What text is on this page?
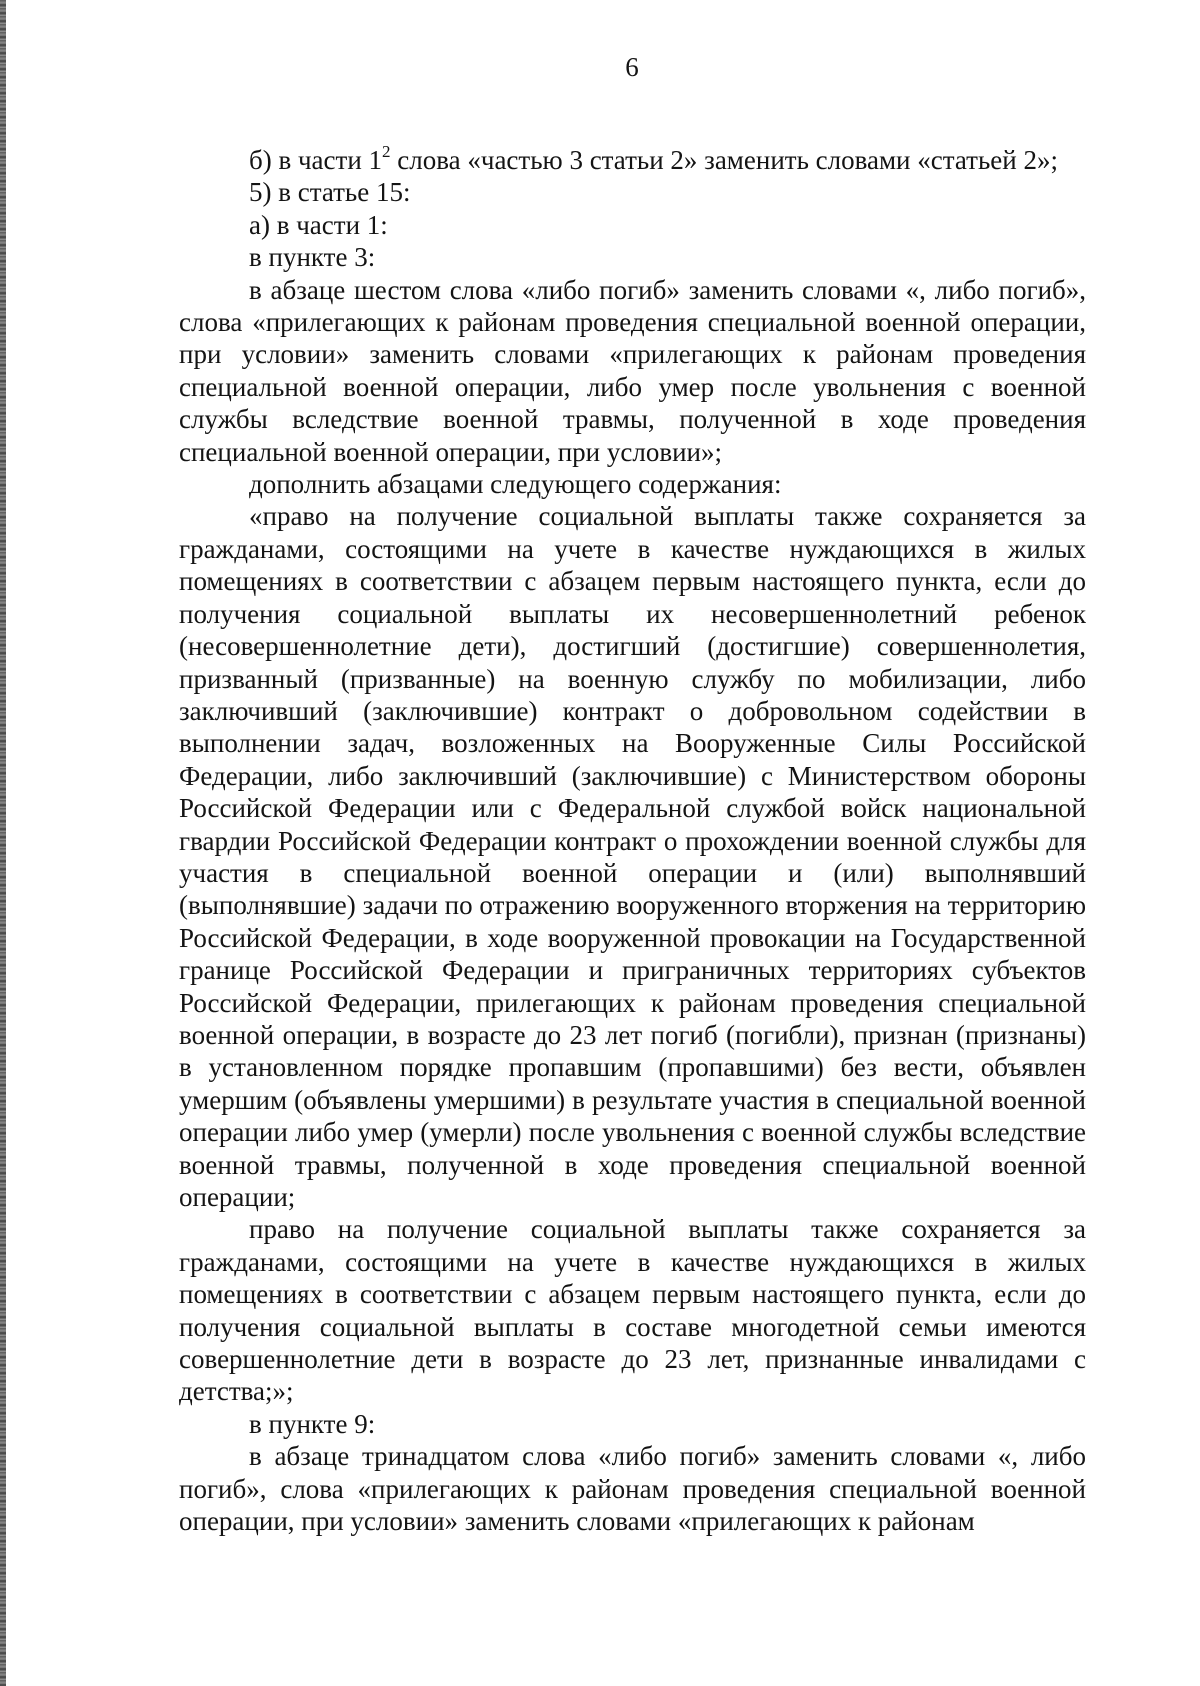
6

б) в части $1^2$ слова «частью 3 статьи 2» заменить словами «статьей 2»;

5) в статье 15:

а) в части 1:

в пункте 3:

в абзаце шестом слова «либо погиб» заменить словами «, либо погиб», слова «прилегающих к районам проведения специальной военной операции, при условии» заменить словами «прилегающих к районам проведения специальной военной операции, либо умер после увольнения с военной службы вследствие военной травмы, полученной в ходе проведения специальной военной операции, при условии»;

дополнить абзацами следующего содержания:

«право на получение социальной выплаты также сохраняется за гражданами, состоящими на учете в качестве нуждающихся в жилых помещениях в соответствии с абзацем первым настоящего пункта, если до получения социальной выплаты их несовершеннолетний ребенок (несовершеннолетние дети), достигший (достигшие) совершеннолетия, призванный (призванные) на военную службу по мобилизации, либо заключивший (заключившие) контракт о добровольном содействии в выполнении задач, возложенных на Вооруженные Силы Российской Федерации, либо заключивший (заключившие) с Министерством обороны Российской Федерации или с Федеральной службой войск национальной гвардии Российской Федерации контракт о прохождении военной службы для участия в специальной военной операции и (или) выполнявший (выполнявшие) задачи по отражению вооруженного вторжения на территорию Российской Федерации, в ходе вооруженной провокации на Государственной границе Российской Федерации и приграничных территориях субъектов Российской Федерации, прилегающих к районам проведения специальной военной операции, в возрасте до 23 лет погиб (погибли), признан (признаны) в установленном порядке пропавшим (пропавшими) без вести, объявлен умершим (объявлены умершими) в результате участия в специальной военной операции либо умер (умерли) после увольнения с военной службы вследствие военной травмы, полученной в ходе проведения специальной военной операции;

право на получение социальной выплаты также сохраняется за гражданами, состоящими на учете в качестве нуждающихся в жилых помещениях в соответствии с абзацем первым настоящего пункта, если до получения социальной выплаты в составе многодетной семьи имеются совершеннолетние дети в возрасте до 23 лет, признанные инвалидами с детства;»;

в пункте 9:

в абзаце тринадцатом слова «либо погиб» заменить словами «, либо погиб», слова «прилегающих к районам проведения специальной военной операции, при условии» заменить словами «прилегающих к районам
